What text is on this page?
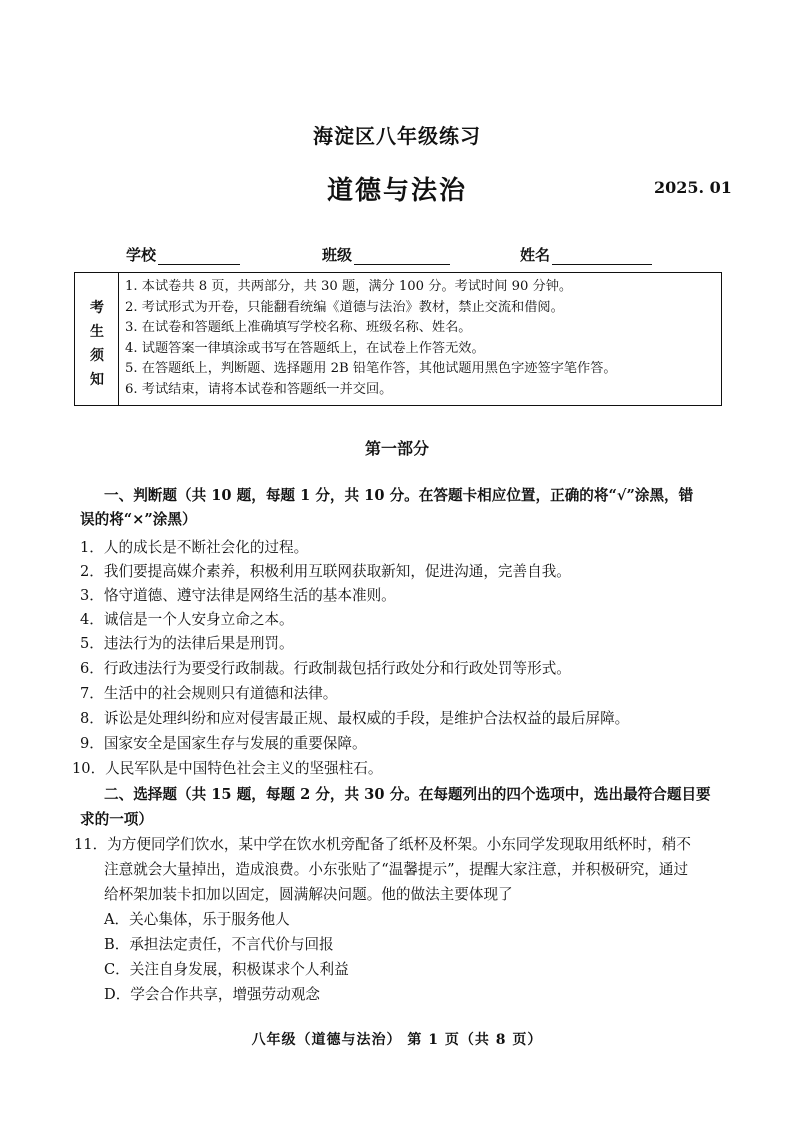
海淀区八年级练习
道德与法治	2025. 01
学校	班级	姓名
考
生
须
知
1. 本试卷共 8 页，共两部分，共 30 题，满分 100 分。考试时间 90 分钟。
2. 考试形式为开卷，只能翻看统编《道德与法治》教材，禁止交流和借阅。
3. 在试卷和答题纸上准确填写学校名称、班级名称、姓名。
4. 试题答案一律填涂或书写在答题纸上，在试卷上作答无效。
5. 在答题纸上，判断题、选择题用 2B 铅笔作答，其他试题用黑色字迹签字笔作答。
6. 考试结束，请将本试卷和答题纸一并交回。
第一部分
一、判断题（共 10 题，每题 1 分，共 10 分。在答题卡相应位置，正确的将“√”涂黑，错
误的将“×”涂黑）
1．人的成长是不断社会化的过程。
2．我们要提高媒介素养，积极利用互联网获取新知，促进沟通，完善自我。
3．恪守道德、遵守法律是网络生活的基本准则。
4．诚信是一个人安身立命之本。
5．违法行为的法律后果是刑罚。
6．行政违法行为要受行政制裁。行政制裁包括行政处分和行政处罚等形式。
7．生活中的社会规则只有道德和法律。
8．诉讼是处理纠纷和应对侵害最正规、最权威的手段，是维护合法权益的最后屏障。
9．国家安全是国家生存与发展的重要保障。
10．人民军队是中国特色社会主义的坚强柱石。
二、选择题（共 15 题，每题 2 分，共 30 分。在每题列出的四个选项中，选出最符合题目要
求的一项）
11．为方便同学们饮水，某中学在饮水机旁配备了纸杯及杯架。小东同学发现取用纸杯时，稍不
注意就会大量掉出，造成浪费。小东张贴了“温馨提示”，提醒大家注意，并积极研究，通过
给杯架加装卡扣加以固定，圆满解决问题。他的做法主要体现了
A．关心集体，乐于服务他人
B．承担法定责任，不言代价与回报
C．关注自身发展，积极谋求个人利益
D．学会合作共享，增强劳动观念
八年级（道德与法治） 第 1 页（共 8 页）
